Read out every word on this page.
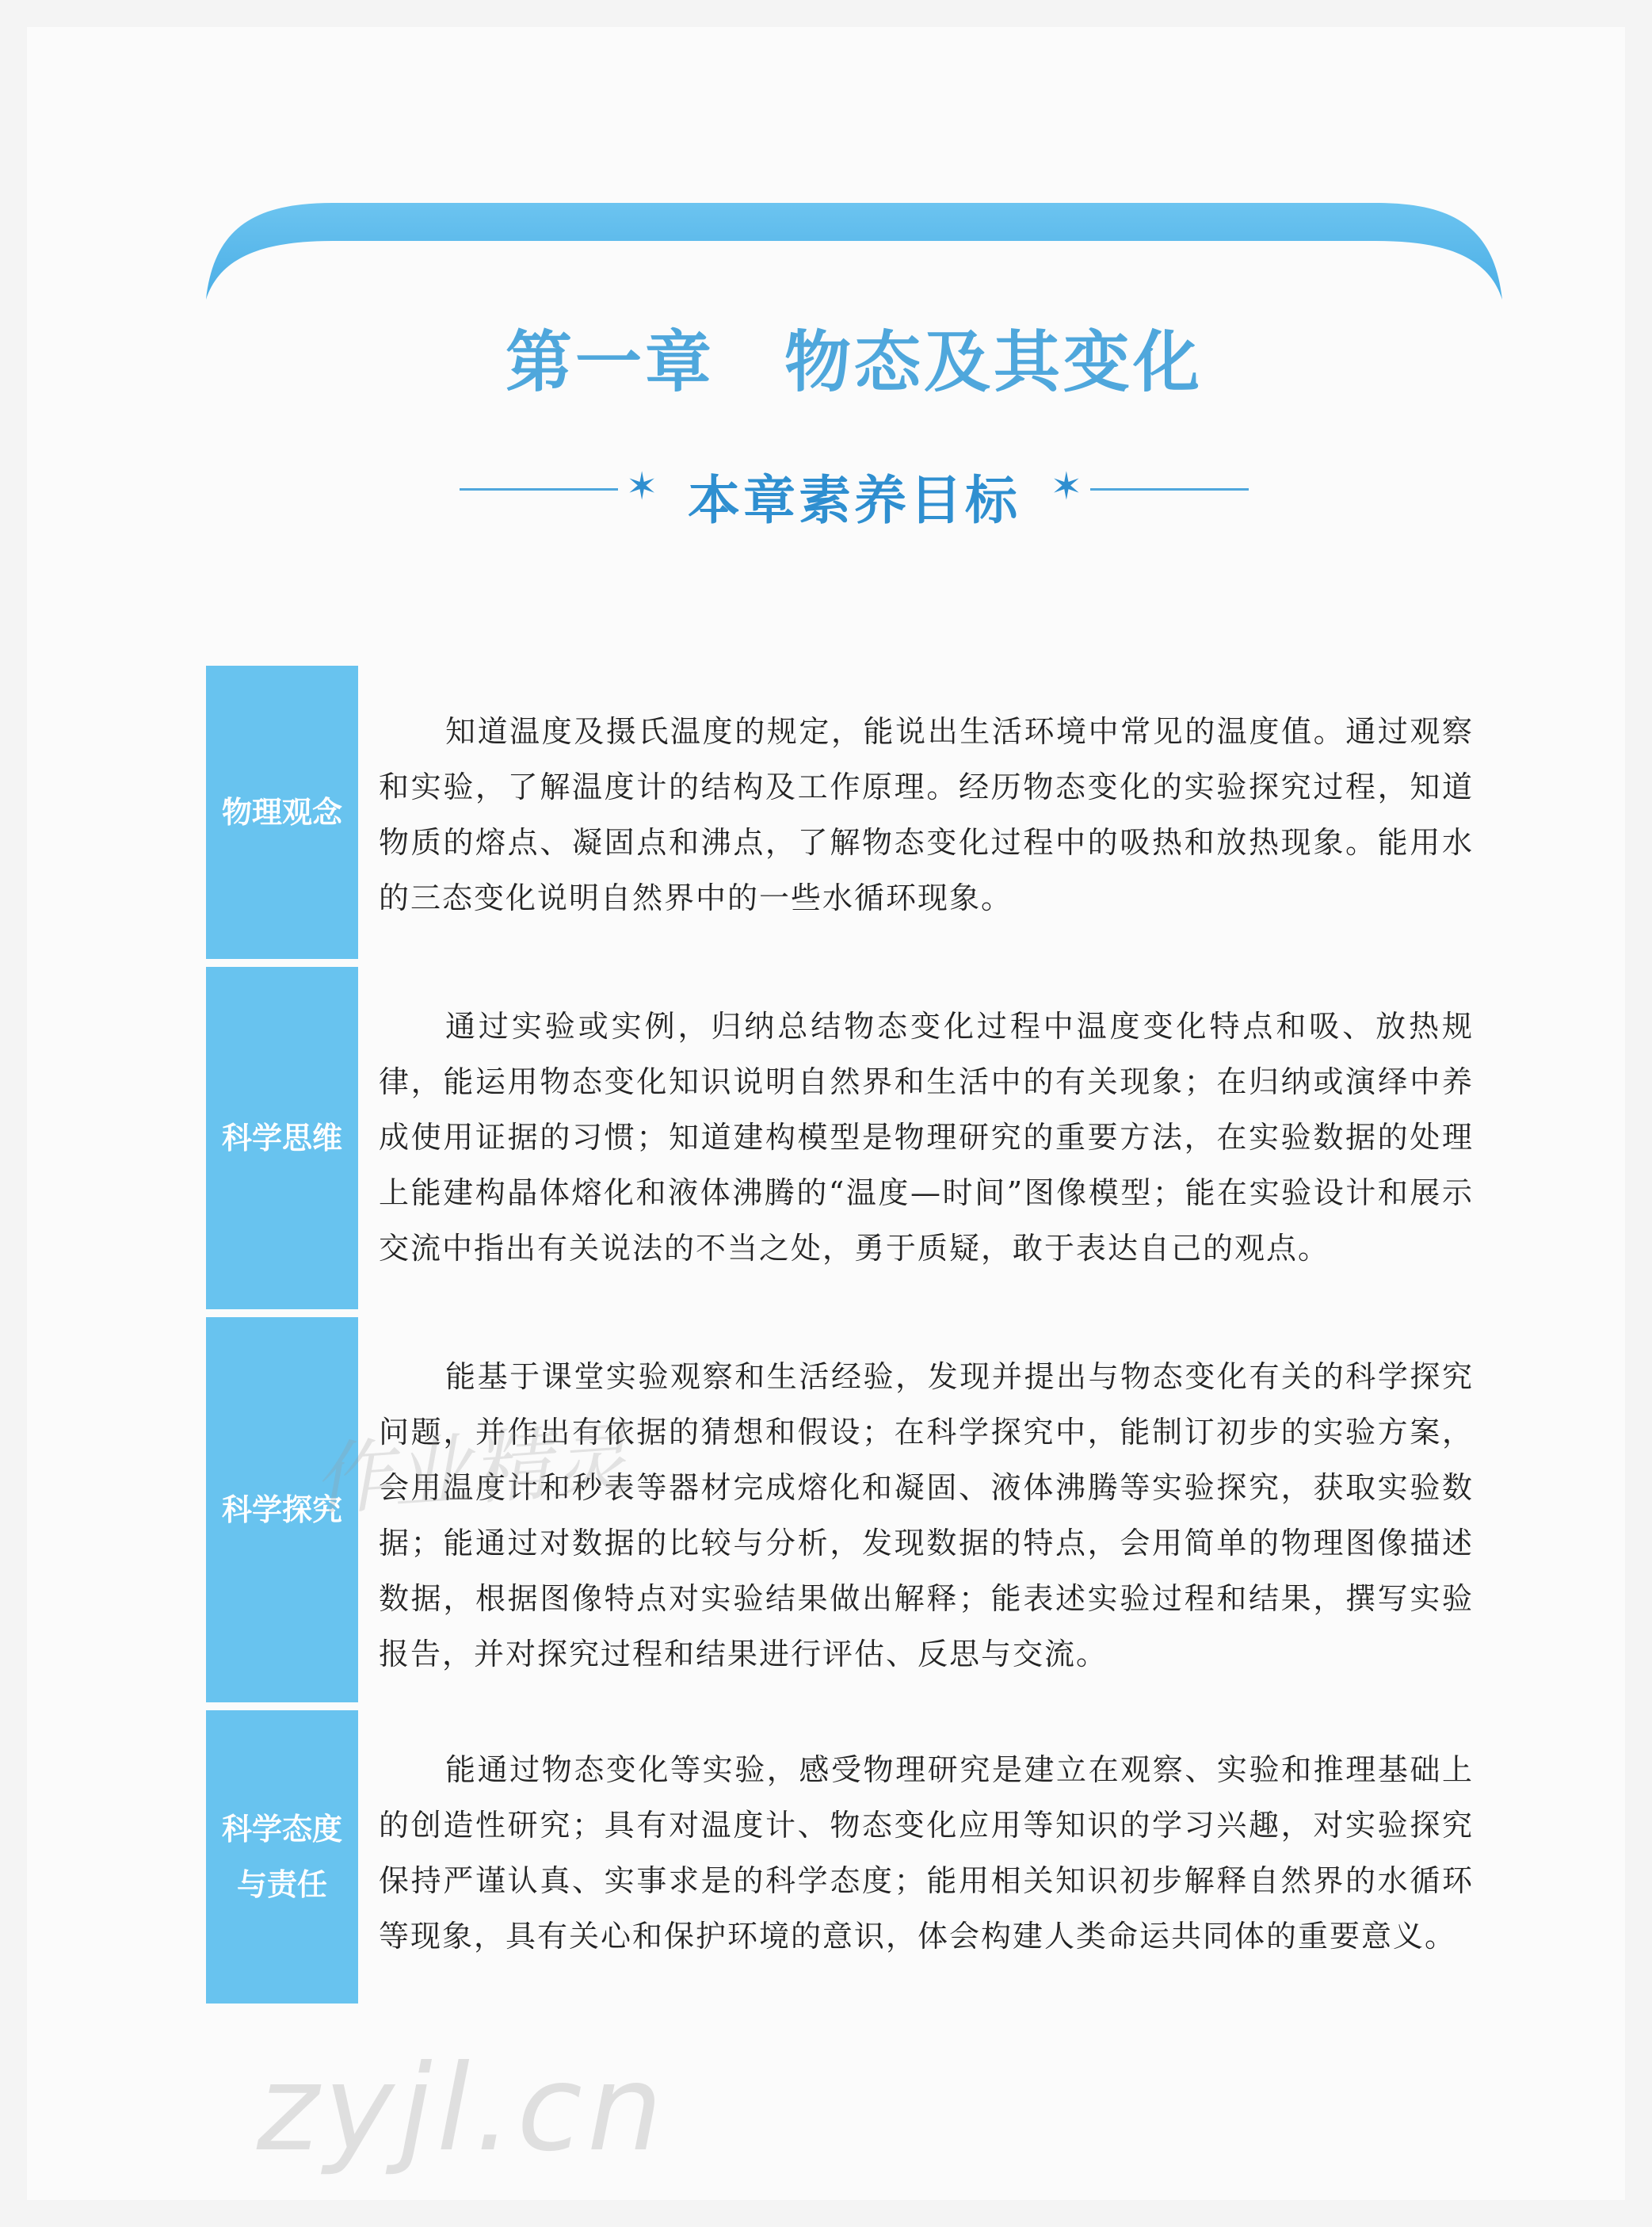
第一章　物态及其变化
✶ 本章素养目标 ✶
物理观念
知道温度及摄氏温度的规定，能说出生活环境中常见的温度值。通过观察和实验，了解温度计的结构及工作原理。经历物态变化的实验探究过程，知道物质的熔点、凝固点和沸点，了解物态变化过程中的吸热和放热现象。能用水的三态变化说明自然界中的一些水循环现象。
科学思维
通过实验或实例，归纳总结物态变化过程中温度变化特点和吸、放热规律，能运用物态变化知识说明自然界和生活中的有关现象；在归纳或演绎中养成使用证据的习惯；知道建构模型是物理研究的重要方法，在实验数据的处理上能建构晶体熔化和液体沸腾的“温度—时间”图像模型；能在实验设计和展示交流中指出有关说法的不当之处，勇于质疑，敢于表达自己的观点。
科学探究
能基于课堂实验观察和生活经验，发现并提出与物态变化有关的科学探究问题，并作出有依据的猜想和假设；在科学探究中，能制订初步的实验方案，会用温度计和秒表等器材完成熔化和凝固、液体沸腾等实验探究，获取实验数据；能通过对数据的比较与分析，发现数据的特点，会用简单的物理图像描述数据，根据图像特点对实验结果做出解释；能表述实验过程和结果，撰写实验报告，并对探究过程和结果进行评估、反思与交流。
科学态度
与责任
能通过物态变化等实验，感受物理研究是建立在观察、实验和推理基础上的创造性研究；具有对温度计、物态变化应用等知识的学习兴趣，对实验探究保持严谨认真、实事求是的科学态度；能用相关知识初步解释自然界的水循环等现象，具有关心和保护环境的意识，体会构建人类命运共同体的重要意义。
作业精灵
zyjl.cn
